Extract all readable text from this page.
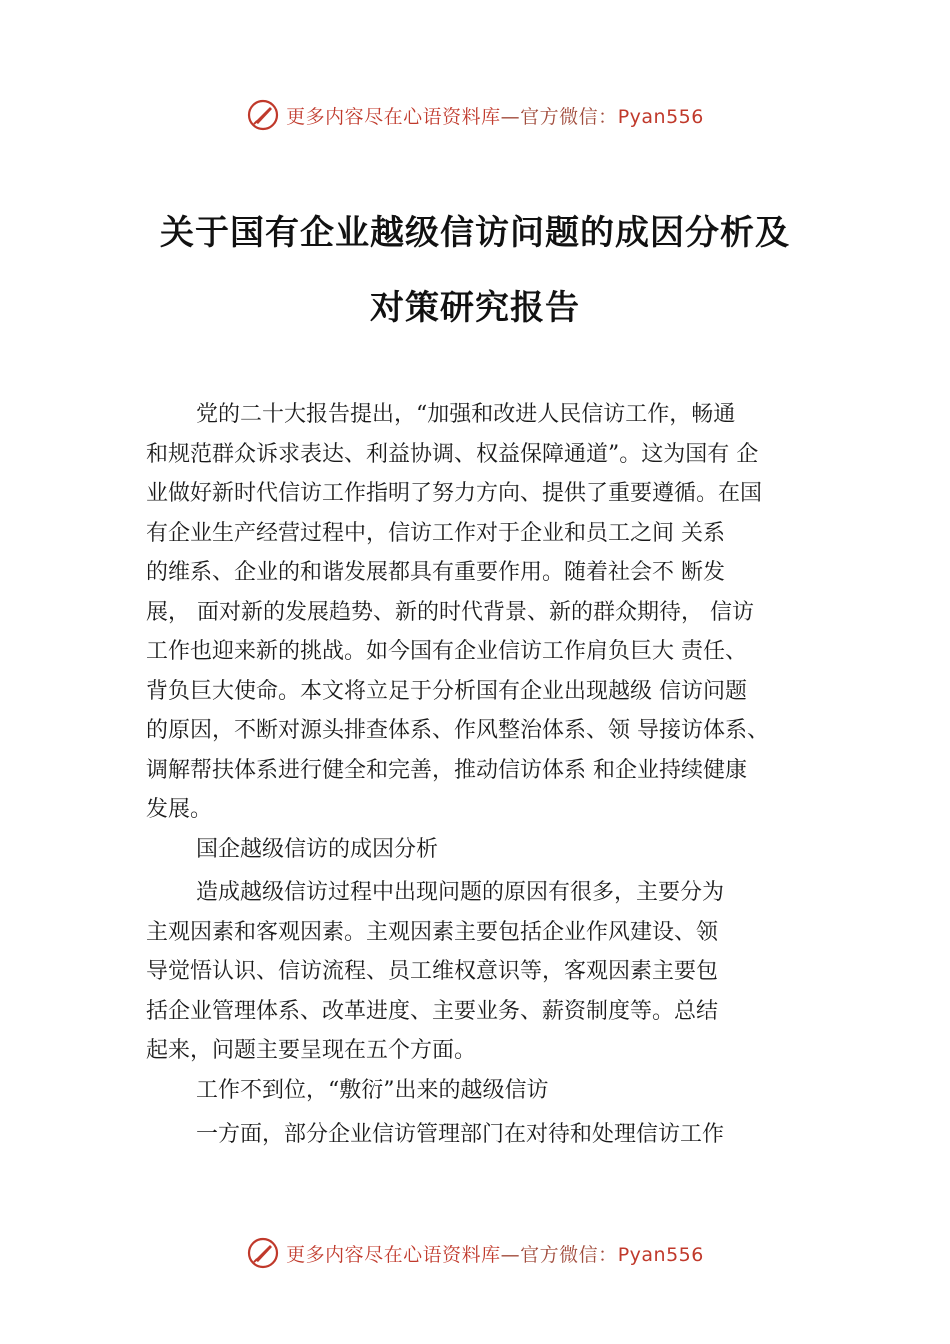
更多内容尽在心语资料库—官方微信：Pyan556
关于国有企业越级信访问题的成因分析及
对策研究报告
党的二十大报告提出，“加强和改进人民信访工作，畅通
和规范群众诉求表达、利益协调、权益保障通道”。这为国有 企
业做好新时代信访工作指明了努力方向、提供了重要遵循。在国
有企业生产经营过程中，信访工作对于企业和员工之间 关系
的维系、企业的和谐发展都具有重要作用。随着社会不 断发
展， 面对新的发展趋势、新的时代背景、新的群众期待， 信访
工作也迎来新的挑战。如今国有企业信访工作肩负巨大 责任、
背负巨大使命。本文将立足于分析国有企业出现越级 信访问题
的原因，不断对源头排查体系、作风整治体系、领 导接访体系、
调解帮扶体系进行健全和完善，推动信访体系 和企业持续健康
发展。
国企越级信访的成因分析
造成越级信访过程中出现问题的原因有很多，主要分为
主观因素和客观因素。主观因素主要包括企业作风建设、领
导觉悟认识、信访流程、员工维权意识等，客观因素主要包
括企业管理体系、改革进度、主要业务、薪资制度等。总结
起来，问题主要呈现在五个方面。
工作不到位，“敷衍”出来的越级信访
一方面，部分企业信访管理部门在对待和处理信访工作
更多内容尽在心语资料库—官方微信：Pyan556
